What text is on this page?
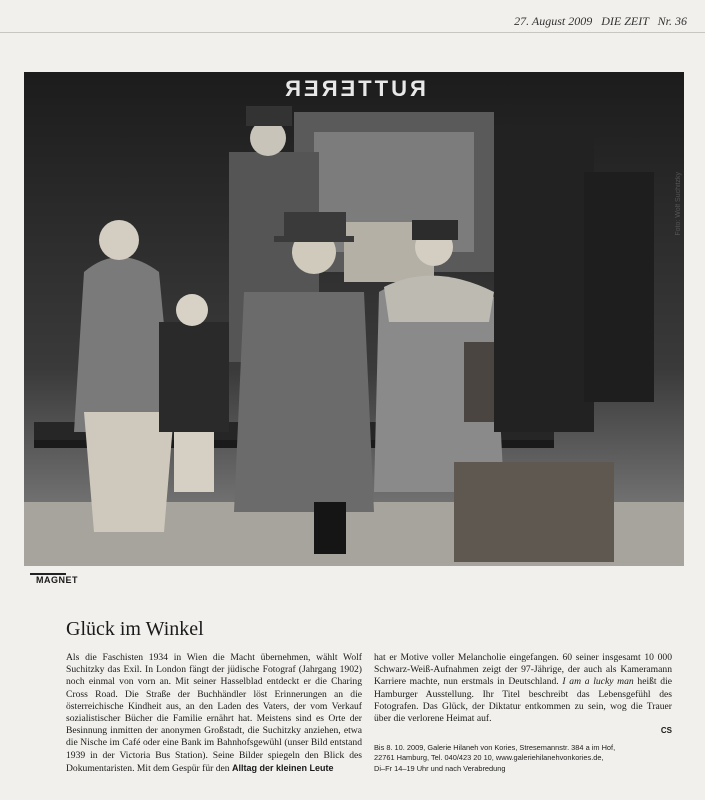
27. August 2009 DIE ZEIT Nr. 36
RUTTERER
Foto: Wolf Suchitzky
MAGNET
Glück im Winkel
Als die Faschisten 1934 in Wien die Macht übernehmen, wählt Wolf Suchitzky das Exil. In London fängt der jüdische Fotograf (Jahrgang 1902) noch einmal von vorn an. Mit seiner Hasselblad entdeckt er die Charing Cross Road. Die Straße der Buchhändler löst Erinnerungen an die österreichische Kindheit aus, an den Laden des Vaters, der vom Verkauf sozialistischer Bücher die Familie ernährt hat. Meistens sind es Orte der Besinnung inmitten der anonymen Großstadt, die Suchitzky anziehen, etwa die Nische im Café oder eine Bank im Bahnhofsgewühl (unser Bild entstand 1939 in der Victoria Bus Station). Seine Bilder spiegeln den Blick des Dokumentaristen. Mit dem Gespür für den Alltag der kleinen Leute
hat er Motive voller Melancholie eingefangen. 60 seiner insgesamt 10 000 Schwarz-Weiß-Aufnahmen zeigt der 97-Jährige, der auch als Kameramann Karriere machte, nun erstmals in Deutschland. I am a lucky man heißt die Hamburger Ausstellung. Ihr Titel beschreibt das Lebensgefühl des Fotografen. Das Glück, der Diktatur entkommen zu sein, wog die Trauer über die verlorene Heimat auf.
CS
Bis 8. 10. 2009, Galerie Hilaneh von Kories, Stresemannstr. 384 a im Hof,
22761 Hamburg, Tel. 040/423 20 10, www.galeriehilanehvonkories.de,
Di–Fr 14–19 Uhr und nach Verabredung
